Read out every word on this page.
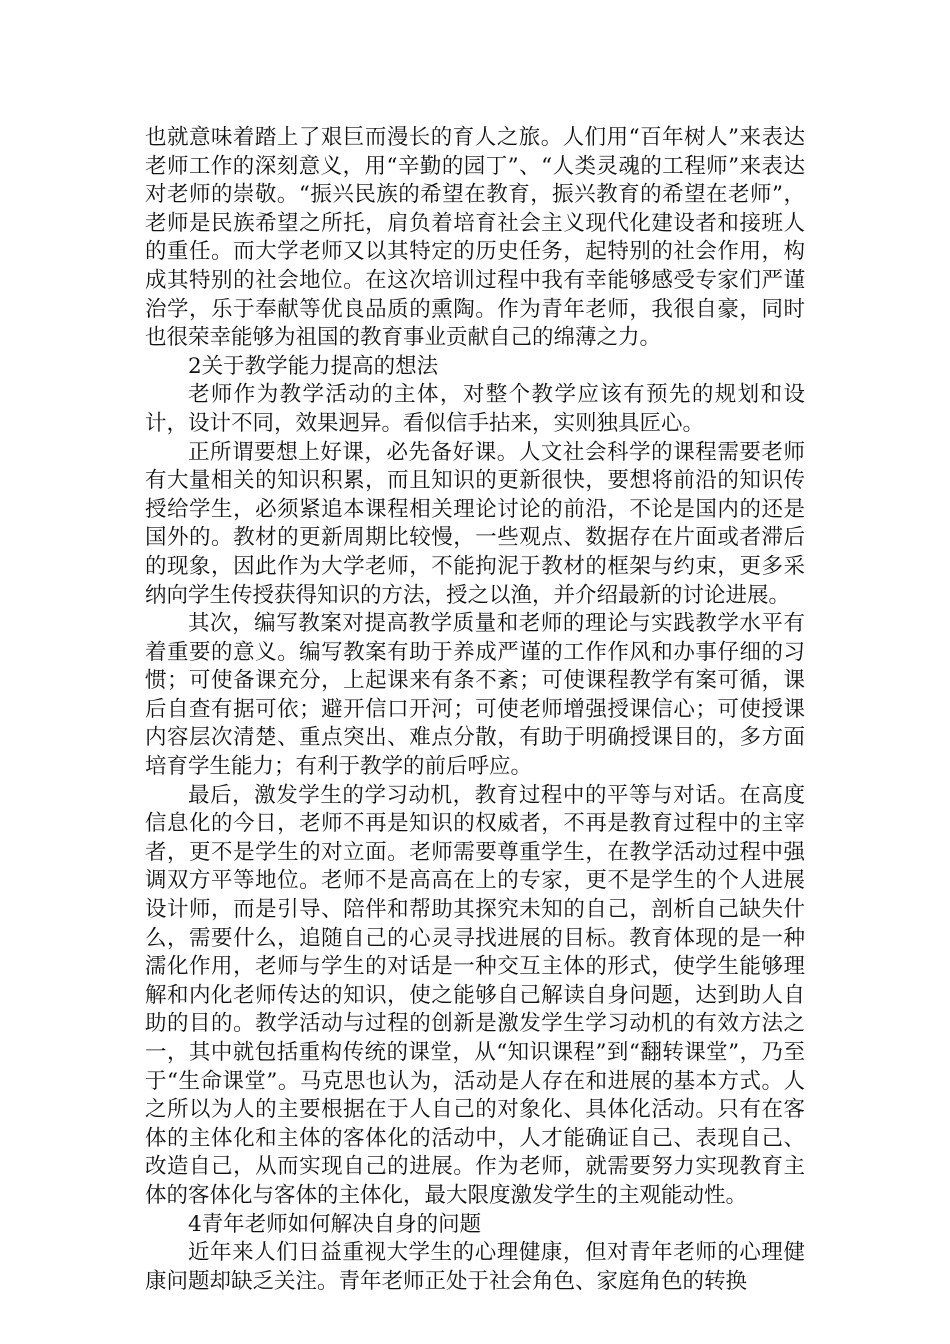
也就意味着踏上了艰巨而漫长的育人之旅。人们用“百年树人”来表达老师工作的深刻意义，用“辛勤的园丁”、“人类灵魂的工程师”来表达对老师的崇敬。“振兴民族的希望在教育，振兴教育的希望在老师”，老师是民族希望之所托，肩负着培育社会主义现代化建设者和接班人的重任。而大学老师又以其特定的历史任务，起特别的社会作用，构成其特别的社会地位。在这次培训过程中我有幸能够感受专家们严谨治学，乐于奉献等优良品质的熏陶。作为青年老师，我很自豪，同时也很荣幸能够为祖国的教育事业贡献自己的绵薄之力。

2关于教学能力提高的想法

老师作为教学活动的主体，对整个教学应该有预先的规划和设计，设计不同，效果迥异。看似信手拈来，实则独具匠心。

正所谓要想上好课，必先备好课。人文社会科学的课程需要老师有大量相关的知识积累，而且知识的更新很快，要想将前沿的知识传授给学生，必须紧追本课程相关理论讨论的前沿，不论是国内的还是国外的。教材的更新周期比较慢，一些观点、数据存在片面或者滞后的现象，因此作为大学老师，不能拘泥于教材的框架与约束，更多采纳向学生传授获得知识的方法，授之以渔，并介绍最新的讨论进展。

其次，编写教案对提高教学质量和老师的理论与实践教学水平有着重要的意义。编写教案有助于养成严谨的工作作风和办事仔细的习惯；可使备课充分，上起课来有条不紊；可使课程教学有案可循，课后自查有据可依；避开信口开河；可使老师增强授课信心；可使授课内容层次清楚、重点突出、难点分散，有助于明确授课目的，多方面培育学生能力；有利于教学的前后呼应。

最后，激发学生的学习动机，教育过程中的平等与对话。在高度信息化的今日，老师不再是知识的权威者，不再是教育过程中的主宰者，更不是学生的对立面。老师需要尊重学生，在教学活动过程中强调双方平等地位。老师不是高高在上的专家，更不是学生的个人进展设计师，而是引导、陪伴和帮助其探究未知的自己，剖析自己缺失什么，需要什么，追随自己的心灵寻找进展的目标。教育体现的是一种濡化作用，老师与学生的对话是一种交互主体的形式，使学生能够理解和内化老师传达的知识，使之能够自己解读自身问题，达到助人自助的目的。教学活动与过程的创新是激发学生学习动机的有效方法之一，其中就包括重构传统的课堂，从“知识课程”到“翻转课堂”，乃至于“生命课堂”。马克思也认为，活动是人存在和进展的基本方式。人之所以为人的主要根据在于人自己的对象化、具体化活动。只有在客体的主体化和主体的客体化的活动中，人才能确证自己、表现自己、改造自己，从而实现自己的进展。作为老师，就需要努力实现教育主体的客体化与客体的主体化，最大限度激发学生的主观能动性。

4青年老师如何解决自身的问题

近年来人们日益重视大学生的心理健康，但对青年老师的心理健康问题却缺乏关注。青年老师正处于社会角色、家庭角色的转换
